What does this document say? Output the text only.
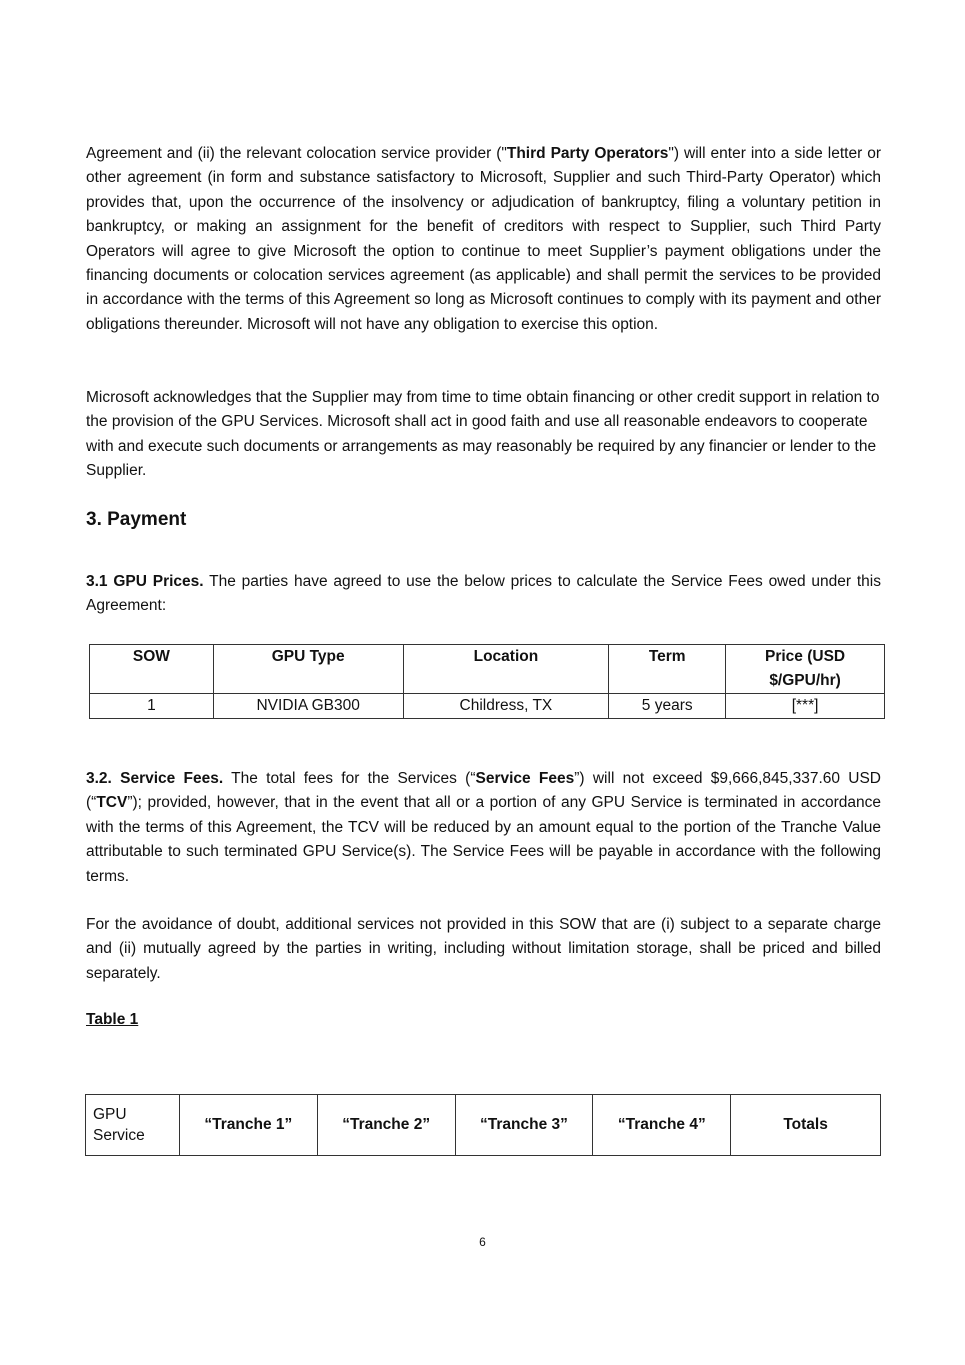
Agreement and (ii) the relevant colocation service provider ("Third Party Operators") will enter into a side letter or other agreement (in form and substance satisfactory to Microsoft, Supplier and such Third-Party Operator) which provides that, upon the occurrence of the insolvency or adjudication of bankruptcy, filing a voluntary petition in bankruptcy, or making an assignment for the benefit of creditors with respect to Supplier, such Third Party Operators will agree to give Microsoft the option to continue to meet Supplier’s payment obligations under the financing documents or colocation services agreement (as applicable) and shall permit the services to be provided in accordance with the terms of this Agreement so long as Microsoft continues to comply with its payment and other obligations thereunder. Microsoft will not have any obligation to exercise this option.

Microsoft acknowledges that the Supplier may from time to time obtain financing or other credit support in relation to the provision of the GPU Services. Microsoft shall act in good faith and use all reasonable endeavors to cooperate with and execute such documents or arrangements as may reasonably be required by any financier or lender to the Supplier.

3. Payment

3.1 GPU Prices. The parties have agreed to use the below prices to calculate the Service Fees owed under this Agreement:

SOW	GPU Type	Location	Term	Price (USD $/GPU/hr)
1	NVIDIA GB300	Childress, TX	5 years	[***]

3.2. Service Fees. The total fees for the Services (“Service Fees”) will not exceed $9,666,845,337.60 USD (“TCV”); provided, however, that in the event that all or a portion of any GPU Service is terminated in accordance with the terms of this Agreement, the TCV will be reduced by an amount equal to the portion of the Tranche Value attributable to such terminated GPU Service(s). The Service Fees will be payable in accordance with the following terms.

For the avoidance of doubt, additional services not provided in this SOW that are (i) subject to a separate charge and (ii) mutually agreed by the parties in writing, including without limitation storage, shall be priced and billed separately.

Table 1

GPU Service	“Tranche 1”	“Tranche 2”	“Tranche 3”	“Tranche 4”	Totals

6
